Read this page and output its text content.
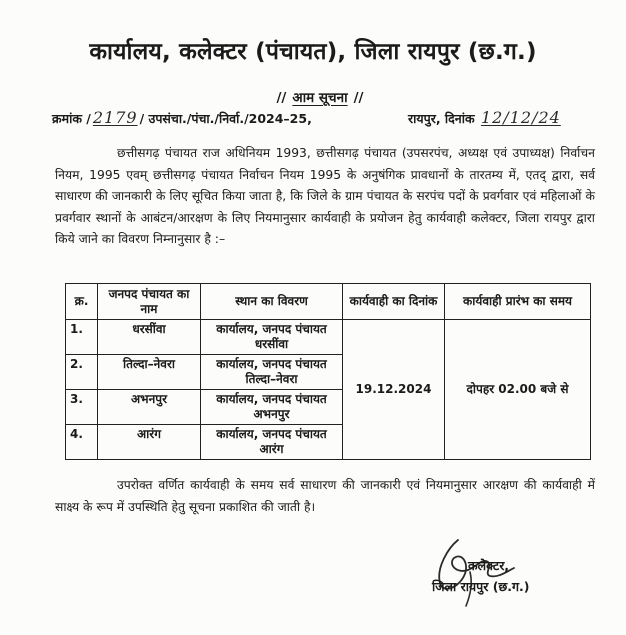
कार्यालय, कलेक्टर (पंचायत), जिला रायपुर (छ.ग.)
// आम सूचना //
क्रमांक / 2179 / उपसंचा./पंचा./निर्वा./2024–25,	रायपुर, दिनांक 12/12/24

छत्तीसगढ़ पंचायत राज अधिनियम 1993, छत्तीसगढ़ पंचायत (उपसरपंच, अध्यक्ष एवं उपाध्यक्ष) निर्वाचन नियम, 1995 एवम् छत्तीसगढ़ पंचायत निर्वाचन नियम 1995 के अनुषंगिक प्रावधानों के तारतम्य में, एतद् द्वारा, सर्व साधारण की जानकारी के लिए सूचित किया जाता है, कि जिले के ग्राम पंचायत के सरपंच पदों के प्रवर्गवार एवं महिलाओं के प्रवर्गवार स्थानों के आबंटन/आरक्षण के लिए नियमानुसार कार्यवाही के प्रयोजन हेतु कार्यवाही कलेक्टर, जिला रायपुर द्वारा किये जाने का विवरण निम्नानुसार है :–

क्र.	जनपद पंचायत का नाम	स्थान का विवरण	कार्यवाही का दिनांक	कार्यवाही प्रारंभ का समय
1.	धरसींवा	कार्यालय, जनपद पंचायत धरसींवा	19.12.2024	दोपहर 02.00 बजे से
2.	तिल्दा–नेवरा	कार्यालय, जनपद पंचायत तिल्दा–नेवरा		
3.	अभनपुर	कार्यालय, जनपद पंचायत अभनपुर		
4.	आरंग	कार्यालय, जनपद पंचायत आरंग		

उपरोक्त वर्णित कार्यवाही के समय सर्व साधारण की जानकारी एवं नियमानुसार आरक्षण की कार्यवाही में साक्ष्य के रूप में उपस्थिति हेतु सूचना प्रकाशित की जाती है।

कलेक्टर,
जिला रायपुर (छ.ग.)
